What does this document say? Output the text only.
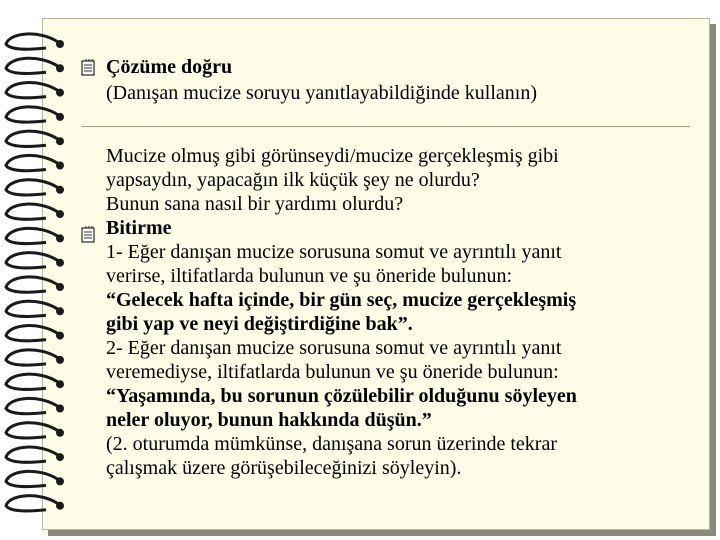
Çözüme doğru
(Danışan mucize soruyu yanıtlayabildiğinde kullanın)

Mucize olmuş gibi görünseydi/mucize gerçekleşmiş gibi

yapsaydın, yapacağın ilk küçük şey ne olurdu?

Bunun sana nasıl bir yardımı olurdu?

Bitirme

1- Eğer danışan mucize sorusuna somut ve ayrıntılı yanıt

verirse, iltifatlarda bulunun ve şu öneride bulunun:

“Gelecek hafta içinde, bir gün seç, mucize gerçekleşmiş

gibi yap ve neyi değiştirdiğine bak”.

2- Eğer danışan mucize sorusuna somut ve ayrıntılı yanıt

veremediyse, iltifatlarda bulunun ve şu öneride bulunun:

“Yaşamında, bu sorunun çözülebilir olduğunu söyleyen

neler oluyor, bunun hakkında düşün.”

(2. oturumda mümkünse, danışana sorun üzerinde tekrar

çalışmak üzere görüşebileceğinizi söyleyin).
